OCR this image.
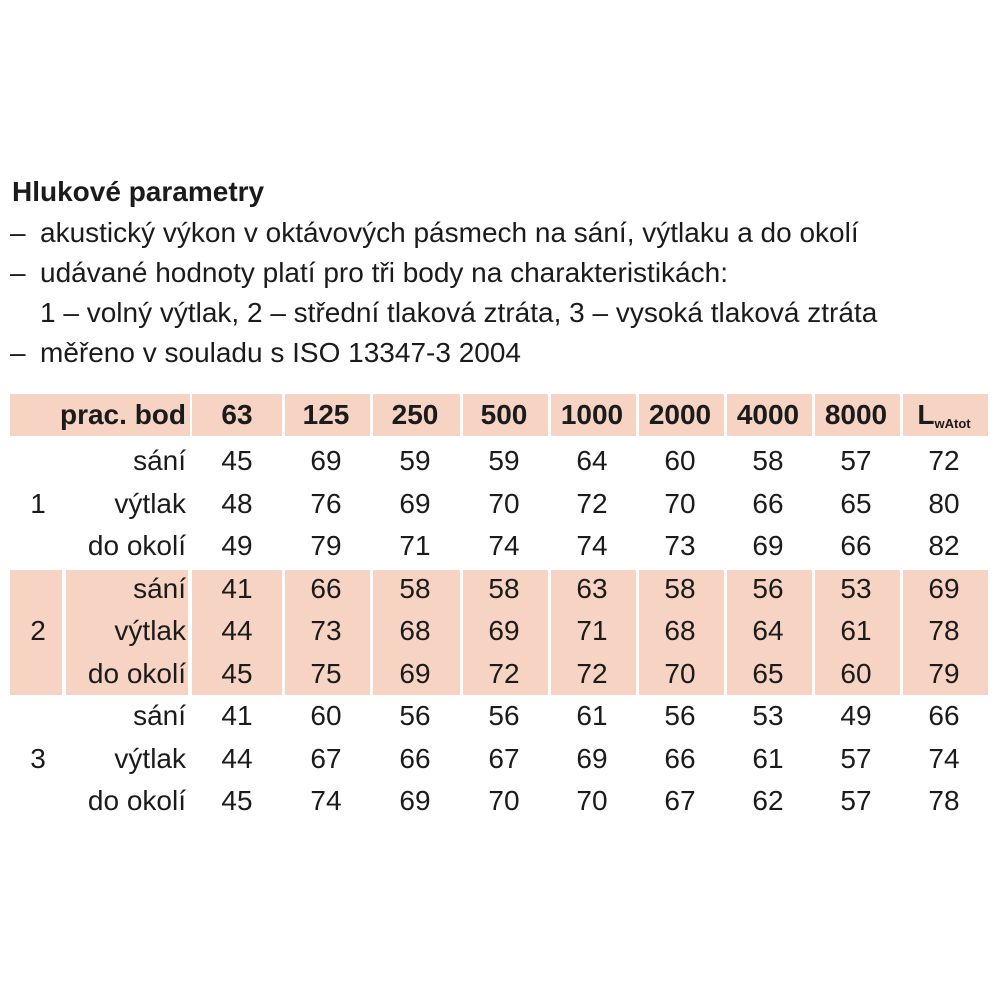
Hlukové parametry
– akustický výkon v oktávových pásmech na sání, výtlaku a do okolí
– udávané hodnoty platí pro tři body na charakteristikách:
1 – volný výtlak, 2 – střední tlaková ztráta, 3 – vysoká tlaková ztráta
– měřeno v souladu s ISO 13347-3 2004
prac. bod	63	125	250	500	1000 2000 4000 8000	LwAtot
1
sání	45	69	59	59	64	60	58	57	72
výtlak	48	76	69	70	72	70	66	65	80
do okolí	49	79	71	74	74	73	69	66	82
2
sání	41	66	58	58	63	58	56	53	69
výtlak	44	73	68	69	71	68	64	61	78
do okolí	45	75	69	72	72	70	65	60	79
3
sání	41	60	56	56	61	56	53	49	66
výtlak	44	67	66	67	69	66	61	57	74
do okolí	45	74	69	70	70	67	62	57	78
